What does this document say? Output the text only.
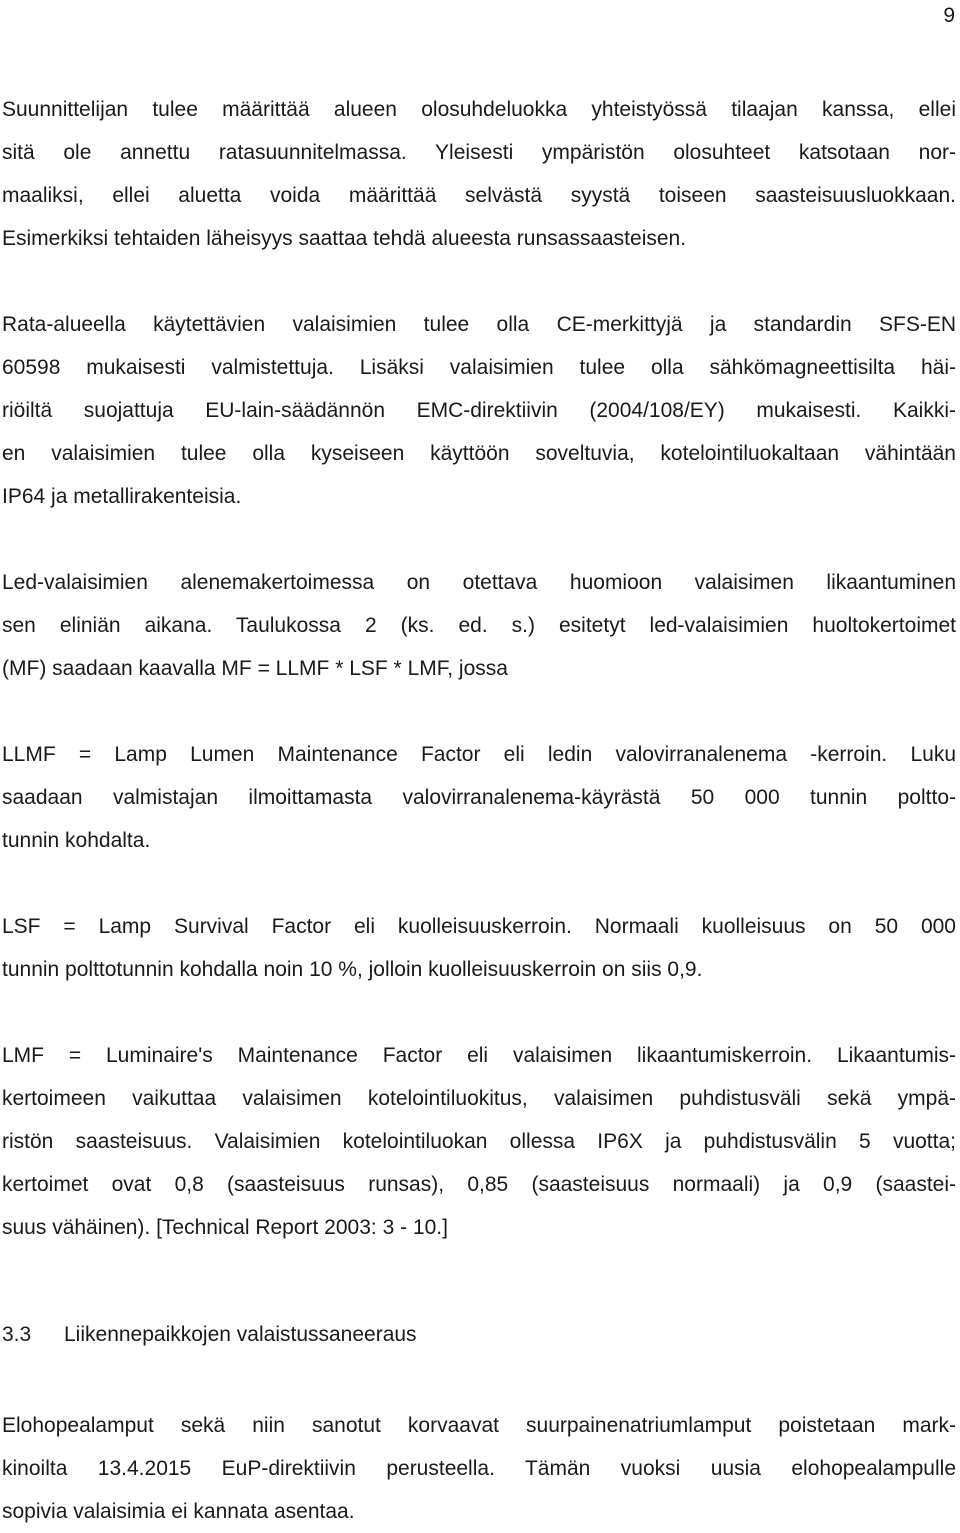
9
Suunnittelijan tulee määrittää alueen olosuhdeluokka yhteistyössä tilaajan kanssa, ellei
sitä ole annettu ratasuunnitelmassa. Yleisesti ympäristön olosuhteet katsotaan nor-
maaliksi, ellei aluetta voida määrittää selvästä syystä toiseen saasteisuusluokkaan.
Esimerkiksi tehtaiden läheisyys saattaa tehdä alueesta runsassaasteisen.
Rata-alueella käytettävien valaisimien tulee olla CE-merkittyjä ja standardin SFS-EN
60598 mukaisesti valmistettuja. Lisäksi valaisimien tulee olla sähkömagneettisilta häi-
riöiltä suojattuja EU-lain-säädännön EMC-direktiivin (2004/108/EY) mukaisesti. Kaikki-
en valaisimien tulee olla kyseiseen käyttöön soveltuvia, kotelointiluokaltaan vähintään
IP64 ja metallirakenteisia.
Led-valaisimien alenemakertoimessa on otettava huomioon valaisimen likaantuminen
sen eliniän aikana. Taulukossa 2 (ks. ed. s.) esitetyt led-valaisimien huoltokertoimet
(MF) saadaan kaavalla MF = LLMF * LSF * LMF, jossa
LLMF = Lamp Lumen Maintenance Factor eli ledin valovirranalenema -kerroin. Luku
saadaan valmistajan ilmoittamasta valovirranalenema-käyrästä 50 000 tunnin poltto-
tunnin kohdalta.
LSF = Lamp Survival Factor eli kuolleisuuskerroin. Normaali kuolleisuus on 50 000
tunnin polttotunnin kohdalla noin 10 %, jolloin kuolleisuuskerroin on siis 0,9.
LMF = Luminaire's Maintenance Factor eli valaisimen likaantumiskerroin. Likaantumis-
kertoimeen vaikuttaa valaisimen kotelointiluokitus, valaisimen puhdistusväli sekä ympä-
ristön saasteisuus. Valaisimien kotelointiluokan ollessa IP6X ja puhdistusvälin 5 vuotta;
kertoimet ovat 0,8 (saasteisuus runsas), 0,85 (saasteisuus normaali) ja 0,9 (saastei-
suus vähäinen). [Technical Report 2003: 3 - 10.]
3.3 Liikennepaikkojen valaistussaneeraus
Elohopealamput sekä niin sanotut korvaavat suurpainenatriumlamput poistetaan mark-
kinoilta 13.4.2015 EuP-direktiivin perusteella. Tämän vuoksi uusia elohopealampulle
sopivia valaisimia ei kannata asentaa.
